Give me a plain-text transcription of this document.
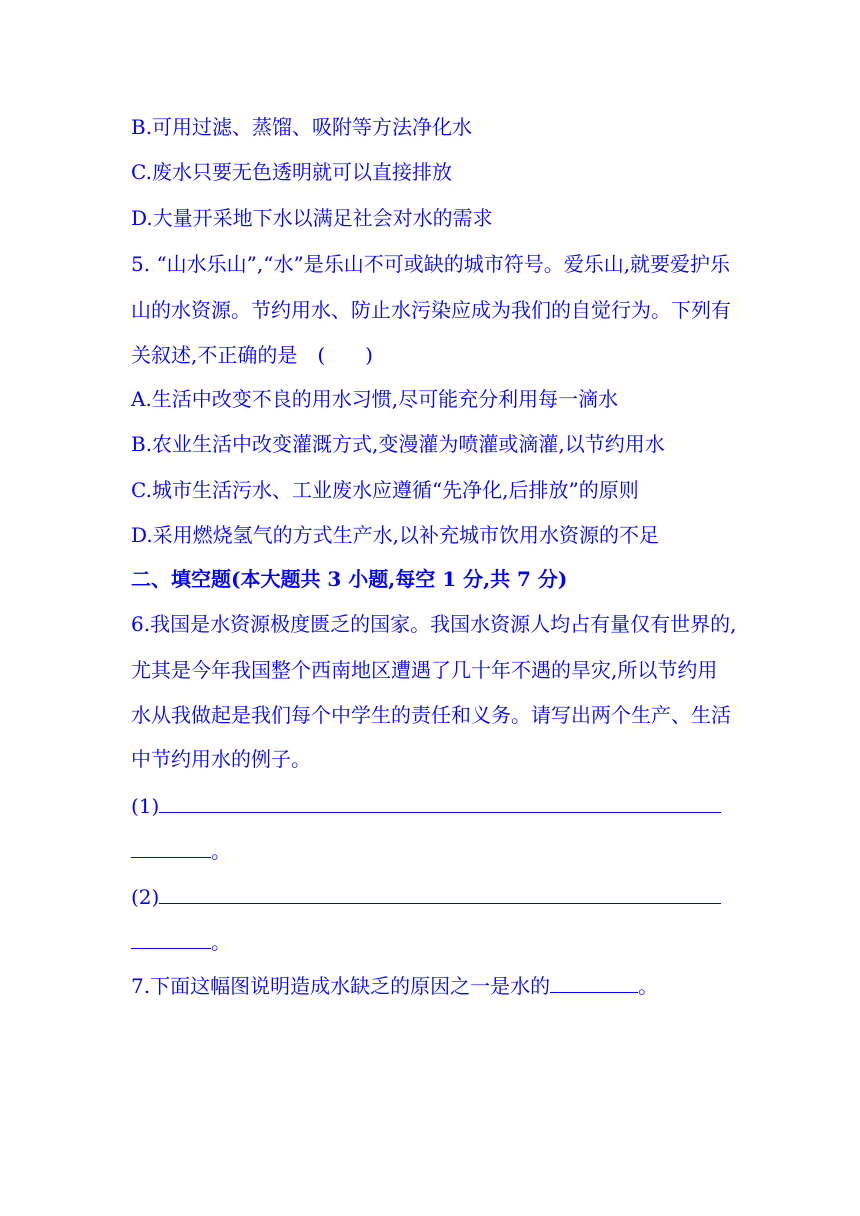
B.可用过滤、蒸馏、吸附等方法净化水
C.废水只要无色透明就可以直接排放
D.大量开采地下水以满足社会对水的需求
5. “山水乐山”,“水”是乐山不可或缺的城市符号。爱乐山,就要爱护乐
山的水资源。节约用水、防止水污染应成为我们的自觉行为。下列有
关叙述,不正确的是　(　　)
A.生活中改变不良的用水习惯,尽可能充分利用每一滴水
B.农业生活中改变灌溉方式,变漫灌为喷灌或滴灌,以节约用水
C.城市生活污水、工业废水应遵循“先净化,后排放”的原则
D.采用燃烧氢气的方式生产水,以补充城市饮用水资源的不足
二、填空题(本大题共 3 小题,每空 1 分,共 7 分)
6.我国是水资源极度匮乏的国家。我国水资源人均占有量仅有世界的,
尤其是今年我国整个西南地区遭遇了几十年不遇的旱灾,所以节约用
水从我做起是我们每个中学生的责任和义务。请写出两个生产、生活
中节约用水的例子。
(1)
。
(2)
。
7.下面这幅图说明造成水缺乏的原因之一是水的	。
